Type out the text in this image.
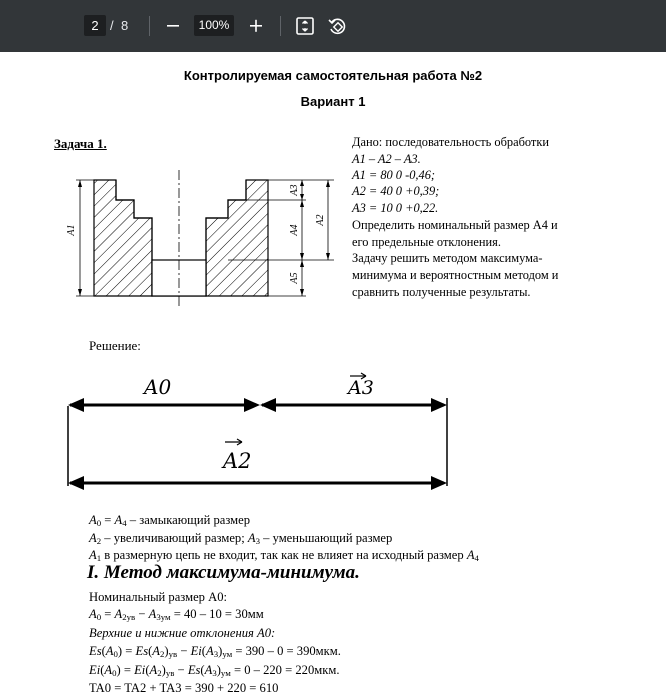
2 / 8	100%
Контролируемая самостоятельная работа №2
Вариант 1
Задача 1.
A1
A3
A4
A5
A2
Дано: последовательность обработки
A1 – A2 – A3.
A1 = 80 0 -0,46;
A2 = 40 0 +0,39;
A3 = 10 0 +0,22.
Определить номинальный размер A4 и
его предельные отклонения.
Задачу решить методом максимума-
минимума и вероятностным методом и
сравнить полученные результаты.
Решение:
A0	A3
A2
$A_0 = A_4$ – замыкающий размер
$A_2$ – увеличивающий размер; $A_3$ – уменьшающий размер
$A_1$ в размерную цепь не входит, так как не влияет на исходный размер $A_4$
I. Метод максимума-минимума.
Номинальный размер A0:
$A_0 = A_{2ув} - A_{3ум} = 40 - 10 = 30мм$
Верхние и нижние отклонения A0:
$Es(A_0) = Es(A_2)_{ув} - Ei(A_3)_{ум} = 390 - 0 = 390мкм$.
$Ei(A_0) = Ei(A_2)_{ув} - Es(A_3)_{ум} = 0 - 220 = 220мкм$.
TA0 = TA2 + TA3 = 390 + 220 = 610
